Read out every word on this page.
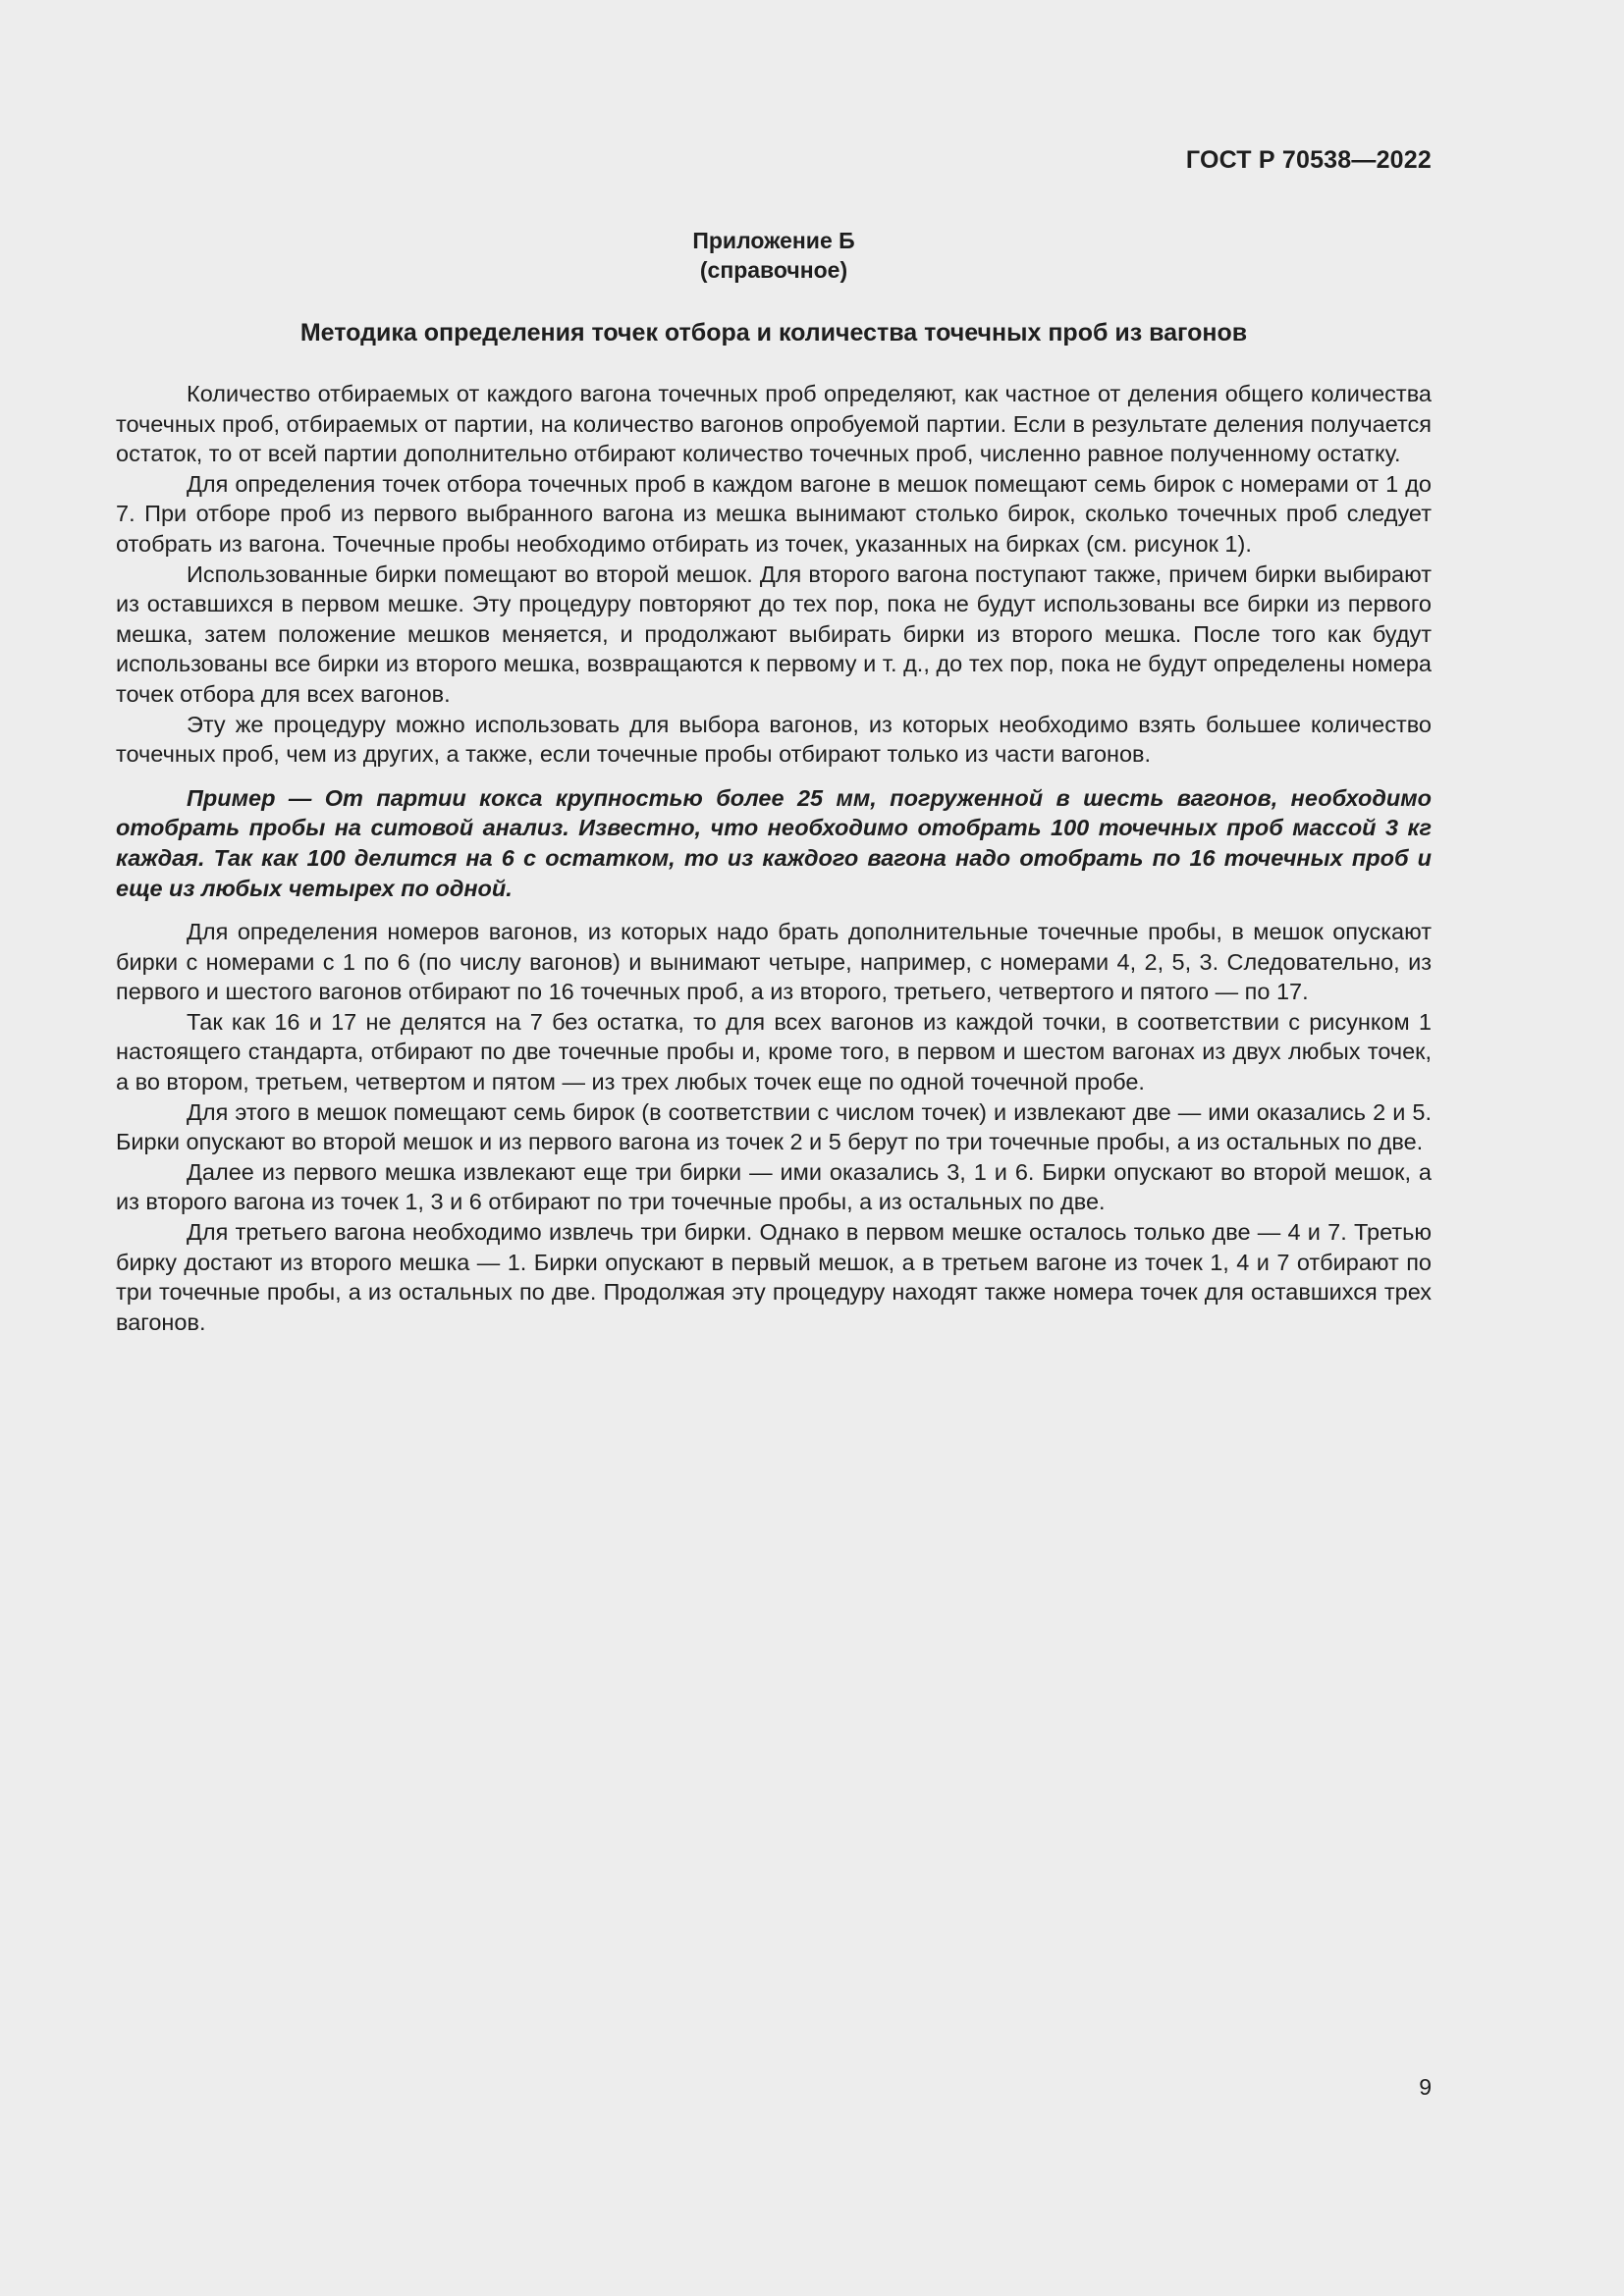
ГОСТ Р 70538—2022
Приложение Б
(справочное)
Методика определения точек отбора и количества точечных проб из вагонов

Количество отбираемых от каждого вагона точечных проб определяют, как частное от деления общего количества точечных проб, отбираемых от партии, на количество вагонов опробуемой партии. Если в результате деления получается остаток, то от всей партии дополнительно отбирают количество точечных проб, численно равное полученному остатку.

Для определения точек отбора точечных проб в каждом вагоне в мешок помещают семь бирок с номерами от 1 до 7. При отборе проб из первого выбранного вагона из мешка вынимают столько бирок, сколько точечных проб следует отобрать из вагона. Точечные пробы необходимо отбирать из точек, указанных на бирках (см. рисунок 1).

Использованные бирки помещают во второй мешок. Для второго вагона поступают также, причем бирки выбирают из оставшихся в первом мешке. Эту процедуру повторяют до тех пор, пока не будут использованы все бирки из первого мешка, затем положение мешков меняется, и продолжают выбирать бирки из второго мешка. После того как будут использованы все бирки из второго мешка, возвращаются к первому и т. д., до тех пор, пока не будут определены номера точек отбора для всех вагонов.

Эту же процедуру можно использовать для выбора вагонов, из которых необходимо взять большее количество точечных проб, чем из других, а также, если точечные пробы отбирают только из части вагонов.

Пример — От партии кокса крупностью более 25 мм, погруженной в шесть вагонов, необходимо отобрать пробы на ситовой анализ. Известно, что необходимо отобрать 100 точечных проб массой 3 кг каждая. Так как 100 делится на 6 с остатком, то из каждого вагона надо отобрать по 16 точечных проб и еще из любых четырех по одной.

Для определения номеров вагонов, из которых надо брать дополнительные точечные пробы, в мешок опускают бирки с номерами с 1 по 6 (по числу вагонов) и вынимают четыре, например, с номерами 4, 2, 5, 3. Следовательно, из первого и шестого вагонов отбирают по 16 точечных проб, а из второго, третьего, четвертого и пятого — по 17.

Так как 16 и 17 не делятся на 7 без остатка, то для всех вагонов из каждой точки, в соответствии с рисунком 1 настоящего стандарта, отбирают по две точечные пробы и, кроме того, в первом и шестом вагонах из двух любых точек, а во втором, третьем, четвертом и пятом — из трех любых точек еще по одной точечной пробе.

Для этого в мешок помещают семь бирок (в соответствии с числом точек) и извлекают две — ими оказались 2 и 5. Бирки опускают во второй мешок и из первого вагона из точек 2 и 5 берут по три точечные пробы, а из остальных по две.

Далее из первого мешка извлекают еще три бирки — ими оказались 3, 1 и 6. Бирки опускают во второй мешок, а из второго вагона из точек 1, 3 и 6 отбирают по три точечные пробы, а из остальных по две.

Для третьего вагона необходимо извлечь три бирки. Однако в первом мешке осталось только две — 4 и 7. Третью бирку достают из второго мешка — 1. Бирки опускают в первый мешок, а в третьем вагоне из точек 1, 4 и 7 отбирают по три точечные пробы, а из остальных по две. Продолжая эту процедуру находят также номера точек для оставшихся трех вагонов.

9
